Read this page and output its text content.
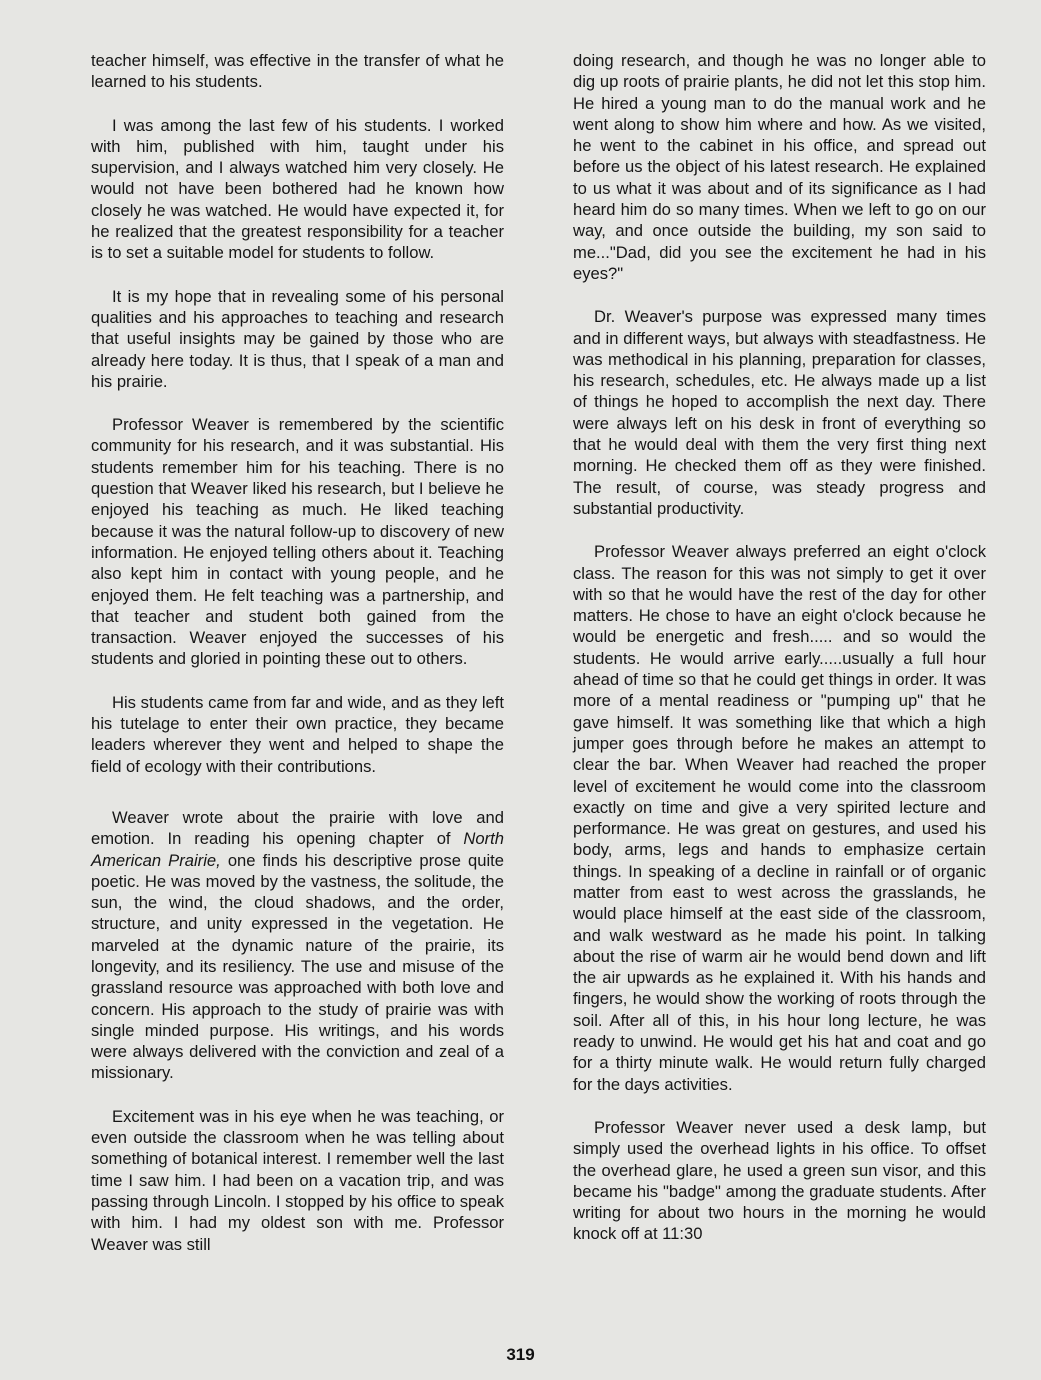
teacher himself, was effective in the transfer of what he learned to his students.

I was among the last few of his students. I worked with him, published with him, taught under his supervision, and I always watched him very closely. He would not have been bothered had he known how closely he was watched. He would have expected it, for he realized that the greatest responsibility for a teacher is to set a suitable model for students to follow.

It is my hope that in revealing some of his personal qualities and his approaches to teaching and research that useful insights may be gained by those who are already here today. It is thus, that I speak of a man and his prairie.

Professor Weaver is remembered by the scientific community for his research, and it was substantial. His students remember him for his teaching. There is no question that Weaver liked his research, but I believe he enjoyed his teaching as much. He liked teaching because it was the natural follow-up to discovery of new information. He enjoyed telling others about it. Teaching also kept him in contact with young people, and he enjoyed them. He felt teaching was a partnership, and that teacher and student both gained from the transaction. Weaver enjoyed the successes of his students and gloried in pointing these out to others.

His students came from far and wide, and as they left his tutelage to enter their own practice, they became leaders wherever they went and helped to shape the field of ecology with their contributions.

Weaver wrote about the prairie with love and emotion. In reading his opening chapter of North American Prairie, one finds his descriptive prose quite poetic. He was moved by the vastness, the solitude, the sun, the wind, the cloud shadows, and the order, structure, and unity expressed in the vegetation. He marveled at the dynamic nature of the prairie, its longevity, and its resiliency. The use and misuse of the grassland resource was approached with both love and concern. His approach to the study of prairie was with single minded purpose. His writings, and his words were always delivered with the conviction and zeal of a missionary.

Excitement was in his eye when he was teaching, or even outside the classroom when he was telling about something of botanical interest. I remember well the last time I saw him. I had been on a vacation trip, and was passing through Lincoln. I stopped by his office to speak with him. I had my oldest son with me. Professor Weaver was still

doing research, and though he was no longer able to dig up roots of prairie plants, he did not let this stop him. He hired a young man to do the manual work and he went along to show him where and how. As we visited, he went to the cabinet in his office, and spread out before us the object of his latest research. He explained to us what it was about and of its significance as I had heard him do so many times. When we left to go on our way, and once outside the building, my son said to me..."Dad, did you see the excitement he had in his eyes?"

Dr. Weaver's purpose was expressed many times and in different ways, but always with steadfastness. He was methodical in his planning, preparation for classes, his research, schedules, etc. He always made up a list of things he hoped to accomplish the next day. There were always left on his desk in front of everything so that he would deal with them the very first thing next morning. He checked them off as they were finished. The result, of course, was steady progress and substantial productivity.

Professor Weaver always preferred an eight o'clock class. The reason for this was not simply to get it over with so that he would have the rest of the day for other matters. He chose to have an eight o'clock because he would be energetic and fresh..... and so would the students. He would arrive early.....usually a full hour ahead of time so that he could get things in order. It was more of a mental readiness or "pumping up" that he gave himself. It was something like that which a high jumper goes through before he makes an attempt to clear the bar. When Weaver had reached the proper level of excitement he would come into the classroom exactly on time and give a very spirited lecture and performance. He was great on gestures, and used his body, arms, legs and hands to emphasize certain things. In speaking of a decline in rainfall or of organic matter from east to west across the grasslands, he would place himself at the east side of the classroom, and walk westward as he made his point. In talking about the rise of warm air he would bend down and lift the air upwards as he explained it. With his hands and fingers, he would show the working of roots through the soil. After all of this, in his hour long lecture, he was ready to unwind. He would get his hat and coat and go for a thirty minute walk. He would return fully charged for the days activities.

Professor Weaver never used a desk lamp, but simply used the overhead lights in his office. To offset the overhead glare, he used a green sun visor, and this became his "badge" among the graduate students. After writing for about two hours in the morning he would knock off at 11:30

319
